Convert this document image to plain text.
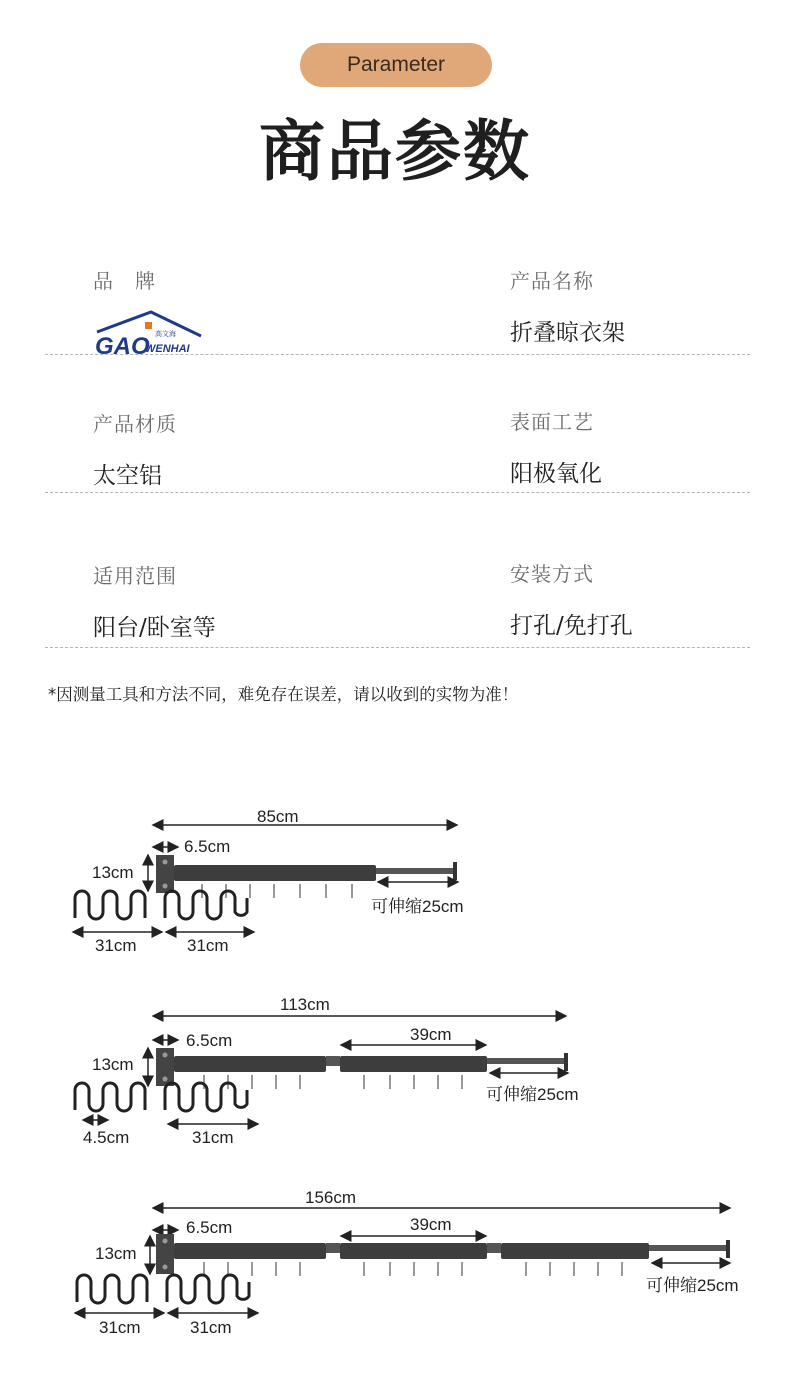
Parameter
商品参数
品　牌
GAO
WENHAI
高文海
产品名称
折叠晾衣架
产品材质
太空铝
表面工艺
阳极氧化
适用范围
阳台/卧室等
安装方式
打孔/免打孔
*因测量工具和方法不同，难免存在误差，请以收到的实物为准！
85cm
6.5cm
13cm
31cm	31cm
可伸缩25cm
113cm
6.5cm	39cm
13cm
4.5cm	31cm
可伸缩25cm
156cm
6.5cm	39cm
13cm
31cm	31cm
可伸缩25cm
